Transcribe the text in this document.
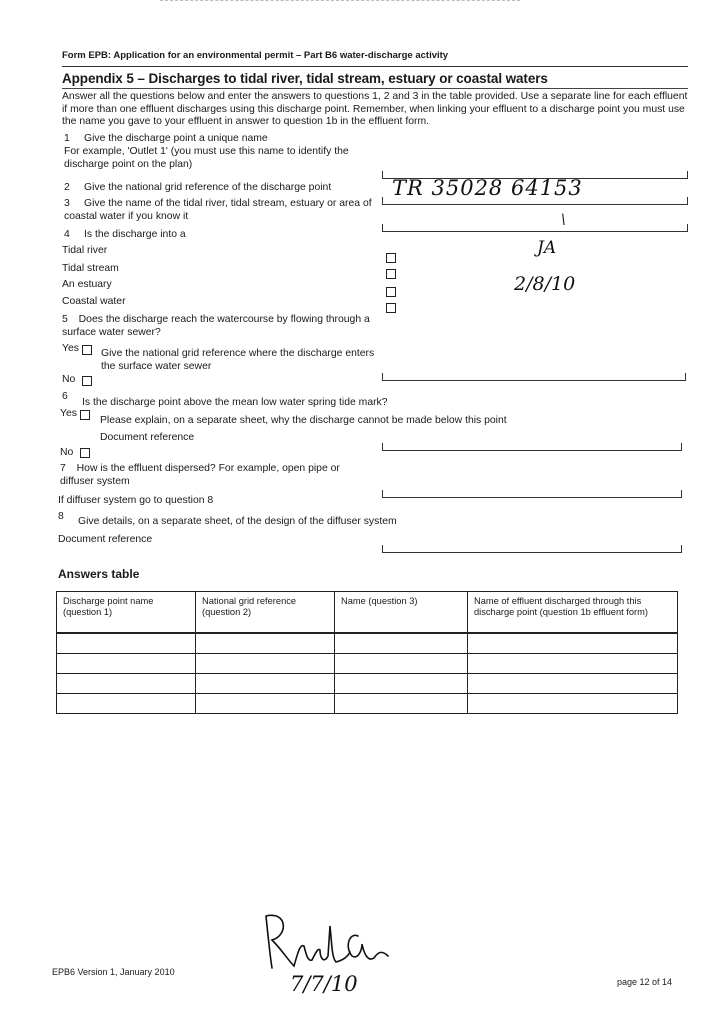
Form EPB: Application for an environmental permit – Part B6 water-discharge activity
Appendix 5 – Discharges to tidal river, tidal stream, estuary or coastal waters
Answer all the questions below and enter the answers to questions 1, 2 and 3 in the table provided. Use a separate line for each effluent if more than one effluent discharges using this discharge point. Remember, when linking your effluent to a discharge point you must use the name you gave to your effluent in answer to question 1b in the effluent form.
1 Give the discharge point a unique name
For example, 'Outlet 1' (you must use this name to identify the discharge point on the plan)
2 Give the national grid reference of the discharge point	TR 35028 64153
3	Give the name of the tidal river, tidal stream, estuary or area of coastal water if you know it	\
4 Is the discharge into a
Tidal river
Tidal stream
An estuary
Coastal water
JA
2/8/10
5 Does the discharge reach the watercourse by flowing through a surface water sewer?
Yes Give the national grid reference where the discharge enters the surface water sewer
No
6
Is the discharge point above the mean low water spring tide mark?
Yes
Please explain, on a separate sheet, why the discharge cannot be made below this point
Document reference
No
7 How is the effluent dispersed? For example, open pipe or diffuser system
If diffuser system go to question 8
8 Give details, on a separate sheet, of the design of the diffuser system
Document reference
Answers table
Discharge point name (question 1)	National grid reference (question 2)	Name (question 3)	Name of effluent discharged through this discharge point (question 1b effluent form)

7/7/10
EPB6 Version 1, January 2010
page 12 of 14
